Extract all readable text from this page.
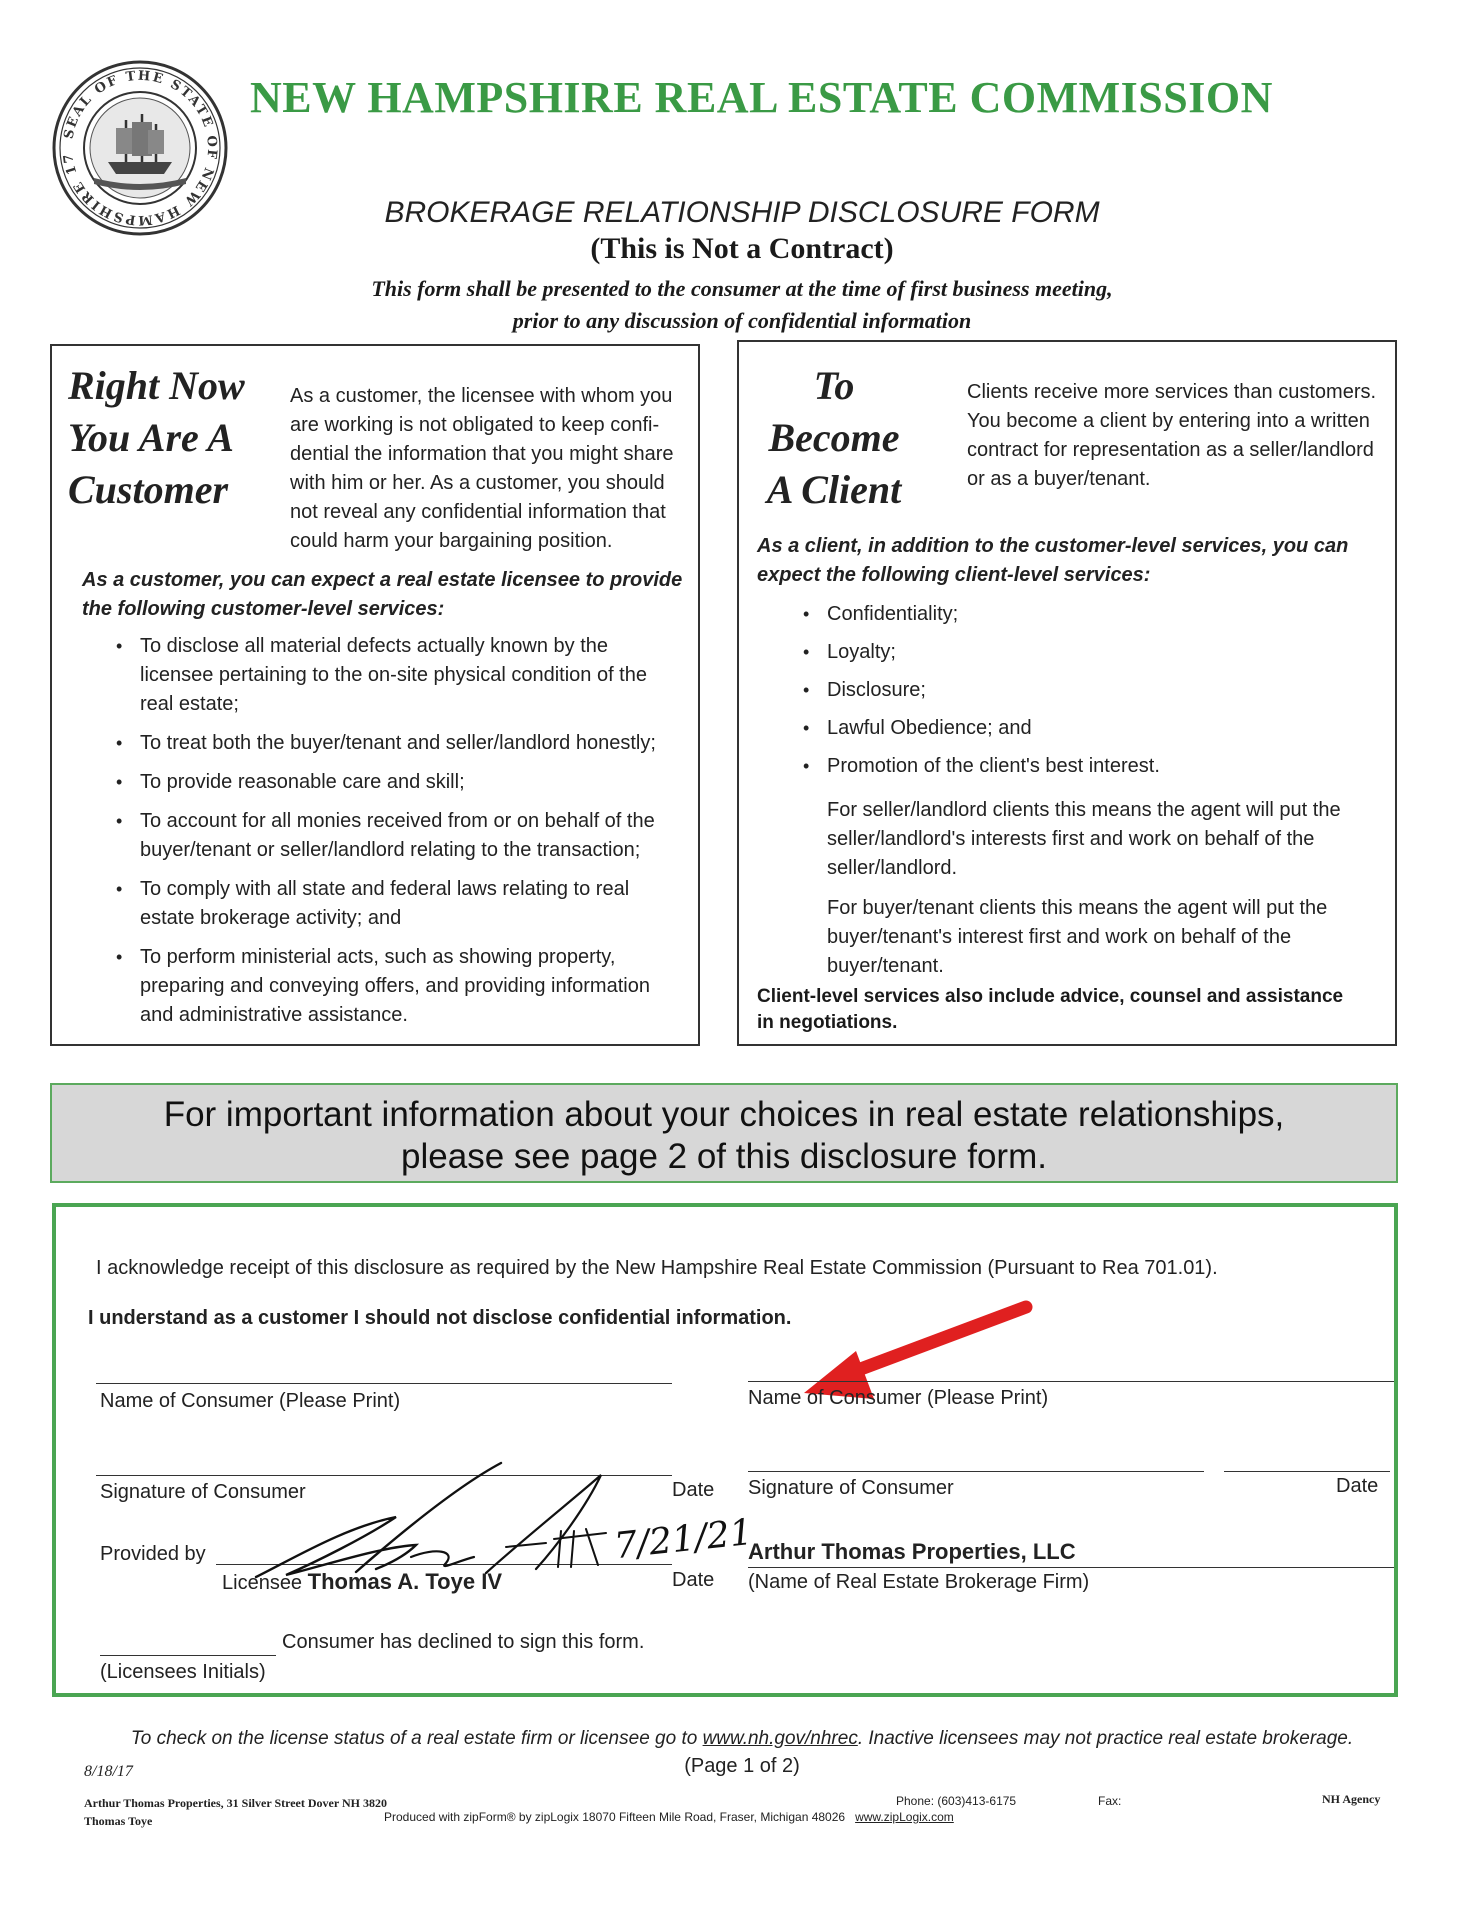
SEAL OF THE STATE OF NEW HAMPSHIRE 17
NEW HAMPSHIRE REAL ESTATE COMMISSION
BROKERAGE RELATIONSHIP DISCLOSURE FORM
(This is Not a Contract)
This form shall be presented to the consumer at the time of first business meeting,
prior to any discussion of confidential information
Right Now
You Are A
Customer
As a customer, the licensee with whom you
are working is not obligated to keep confi-
dential the information that you might share
with him or her. As a customer, you should
not reveal any confidential information that
could harm your bargaining position.
As a customer, you can expect a real estate licensee to provide
the following customer-level services:
• To disclose all material defects actually known by the
licensee pertaining to the on-site physical condition of the
real estate;
• To treat both the buyer/tenant and seller/landlord honestly;
• To provide reasonable care and skill;
• To account for all monies received from or on behalf of the
buyer/tenant or seller/landlord relating to the transaction;
• To comply with all state and federal laws relating to real
estate brokerage activity; and
• To perform ministerial acts, such as showing property,
preparing and conveying offers, and providing information
and administrative assistance.
To
Become
A Client
Clients receive more services than customers.
You become a client by entering into a written
contract for representation as a seller/landlord
or as a buyer/tenant.
As a client, in addition to the customer-level services, you can
expect the following client-level services:
• Confidentiality;
• Loyalty;
• Disclosure;
• Lawful Obedience; and
• Promotion of the client's best interest.
For seller/landlord clients this means the agent will put the
seller/landlord's interests first and work on behalf of the
seller/landlord.
For buyer/tenant clients this means the agent will put the
buyer/tenant's interest first and work on behalf of the
buyer/tenant.
Client-level services also include advice, counsel and assistance
in negotiations.
For important information about your choices in real estate relationships,
please see page 2 of this disclosure form.
I acknowledge receipt of this disclosure as required by the New Hampshire Real Estate Commission (Pursuant to Rea 701.01).
I understand as a customer I should not disclose confidential information.
Name of Consumer (Please Print)	Name of Consumer (Please Print)
Signature of Consumer	Date Signature of Consumer	Date
Provided by
Licensee Thomas A. Toye IV	Date
7/21/21
Arthur Thomas Properties, LLC
(Name of Real Estate Brokerage Firm)
Consumer has declined to sign this form.
(Licensees Initials)
To check on the license status of a real estate firm or licensee go to www.nh.gov/nhrec. Inactive licensees may not practice real estate brokerage.
8/18/17	(Page 1 of 2)
Arthur Thomas Properties, 31 Silver Street Dover NH 3820
Thomas Toye
Phone: (603)413-6175	Fax:	NH Agency
Produced with zipForm® by zipLogix 18070 Fifteen Mile Road, Fraser, Michigan 48026 www.zipLogix.com
